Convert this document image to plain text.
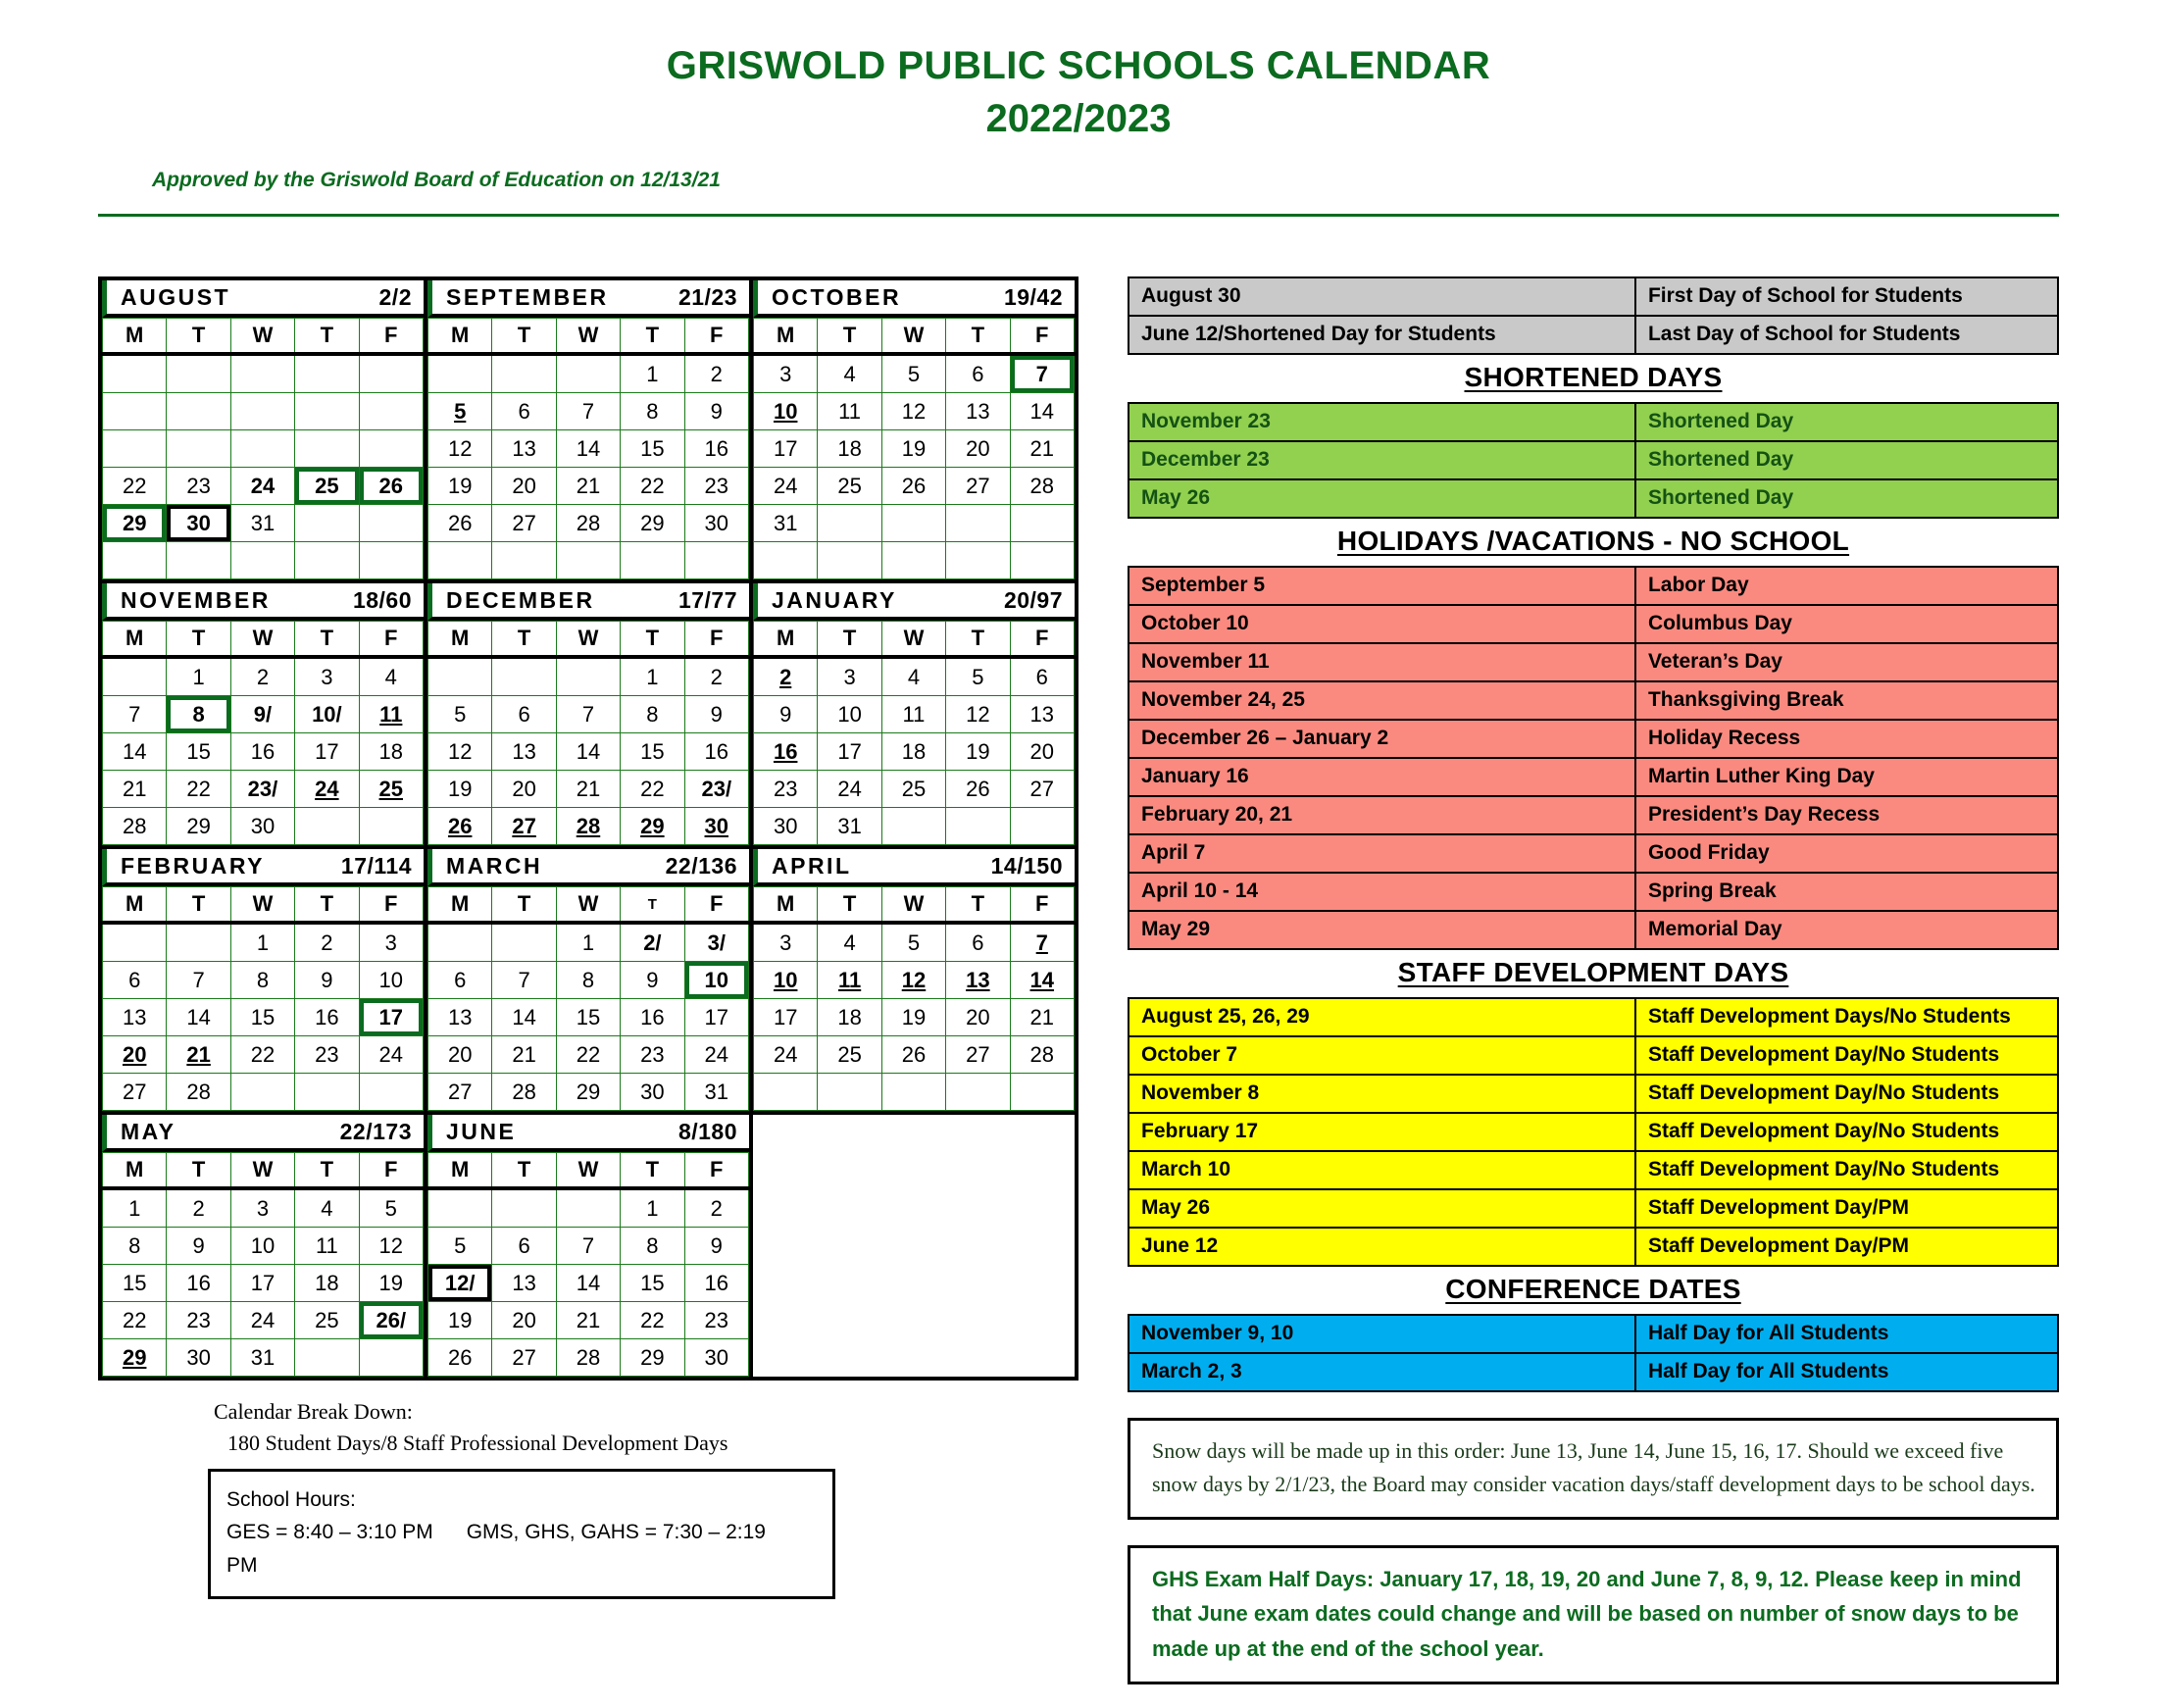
GRISWOLD PUBLIC SCHOOLS CALENDAR
2022/2023
Approved by the Griswold Board of Education on 12/13/21
AUGUST	2/2
M	T	W	T	F

22	23	24	25	26
29	30	31		

SEPTEMBER	21/23
M	T	W	T	F
			1	2
5	6	7	8	9
12	13	14	15	16
19	20	21	22	23
26	27	28	29	30

OCTOBER	19/42
M	T	W	T	F
3	4	5	6	7
10	11	12	13	14
17	18	19	20	21
24	25	26	27	28
31				

NOVEMBER	18/60
M	T	W	T	F
	1	2	3	4
7	8	9/	10/	11
14	15	16	17	18
21	22	23/	24	25
28	29	30		
DECEMBER	17/77
M	T	W	T	F
			1	2
5	6	7	8	9
12	13	14	15	16
19	20	21	22	23/
26	27	28	29	30
JANUARY	20/97
M	T	W	T	F
2	3	4	5	6
9	10	11	12	13
16	17	18	19	20
23	24	25	26	27
30	31			
FEBRUARY	17/114
M	T	W	T	F
		1	2	3
6	7	8	9	10
13	14	15	16	17
20	21	22	23	24
27	28			
MARCH	22/136
M	T	W	T	F
		1	2/	3/
6	7	8	9	10
13	14	15	16	17
20	21	22	23	24
27	28	29	30	31
APRIL	14/150
M	T	W	T	F
3	4	5	6	7
10	11	12	13	14
17	18	19	20	21
24	25	26	27	28

MAY	22/173
M	T	W	T	F
1	2	3	4	5
8	9	10	11	12
15	16	17	18	19
22	23	24	25	26/
29	30	31		
JUNE	8/180
M	T	W	T	F
			1	2
5	6	7	8	9
12/	13	14	15	16
19	20	21	22	23
26	27	28	29	30
Calendar Break Down:
180 Student Days/8 Staff Professional Development Days
School Hours:
GES = 8:40 – 3:10 PM GMS, GHS, GAHS = 7:30 – 2:19 PM
August 30	First Day of School for Students
June 12/Shortened Day for Students	Last Day of School for Students
SHORTENED DAYS
November 23	Shortened Day
December 23	Shortened Day
May 26	Shortened Day
HOLIDAYS /VACATIONS - NO SCHOOL
September 5	Labor Day
October 10	Columbus Day
November 11	Veteran’s Day
November 24, 25	Thanksgiving Break
December 26 – January 2	Holiday Recess
January 16	Martin Luther King Day
February 20, 21	President’s Day Recess
April 7	Good Friday
April 10 - 14	Spring Break
May 29	Memorial Day
STAFF DEVELOPMENT DAYS
August 25, 26, 29	Staff Development Days/No Students
October 7	Staff Development Day/No Students
November 8	Staff Development Day/No Students
February 17	Staff Development Day/No Students
March 10	Staff Development Day/No Students
May 26	Staff Development Day/PM
June 12	Staff Development Day/PM
CONFERENCE DATES
November 9, 10	Half Day for All Students
March 2, 3	Half Day for All Students
Snow days will be made up in this order: June 13, June 14, June 15, 16, 17. Should we exceed five snow days by 2/1/23, the Board may consider vacation days/staff development days to be school days.
GHS Exam Half Days: January 17, 18, 19, 20 and June 7, 8, 9, 12. Please keep in mind that June exam dates could change and will be based on number of snow days to be made up at the end of the school year.
